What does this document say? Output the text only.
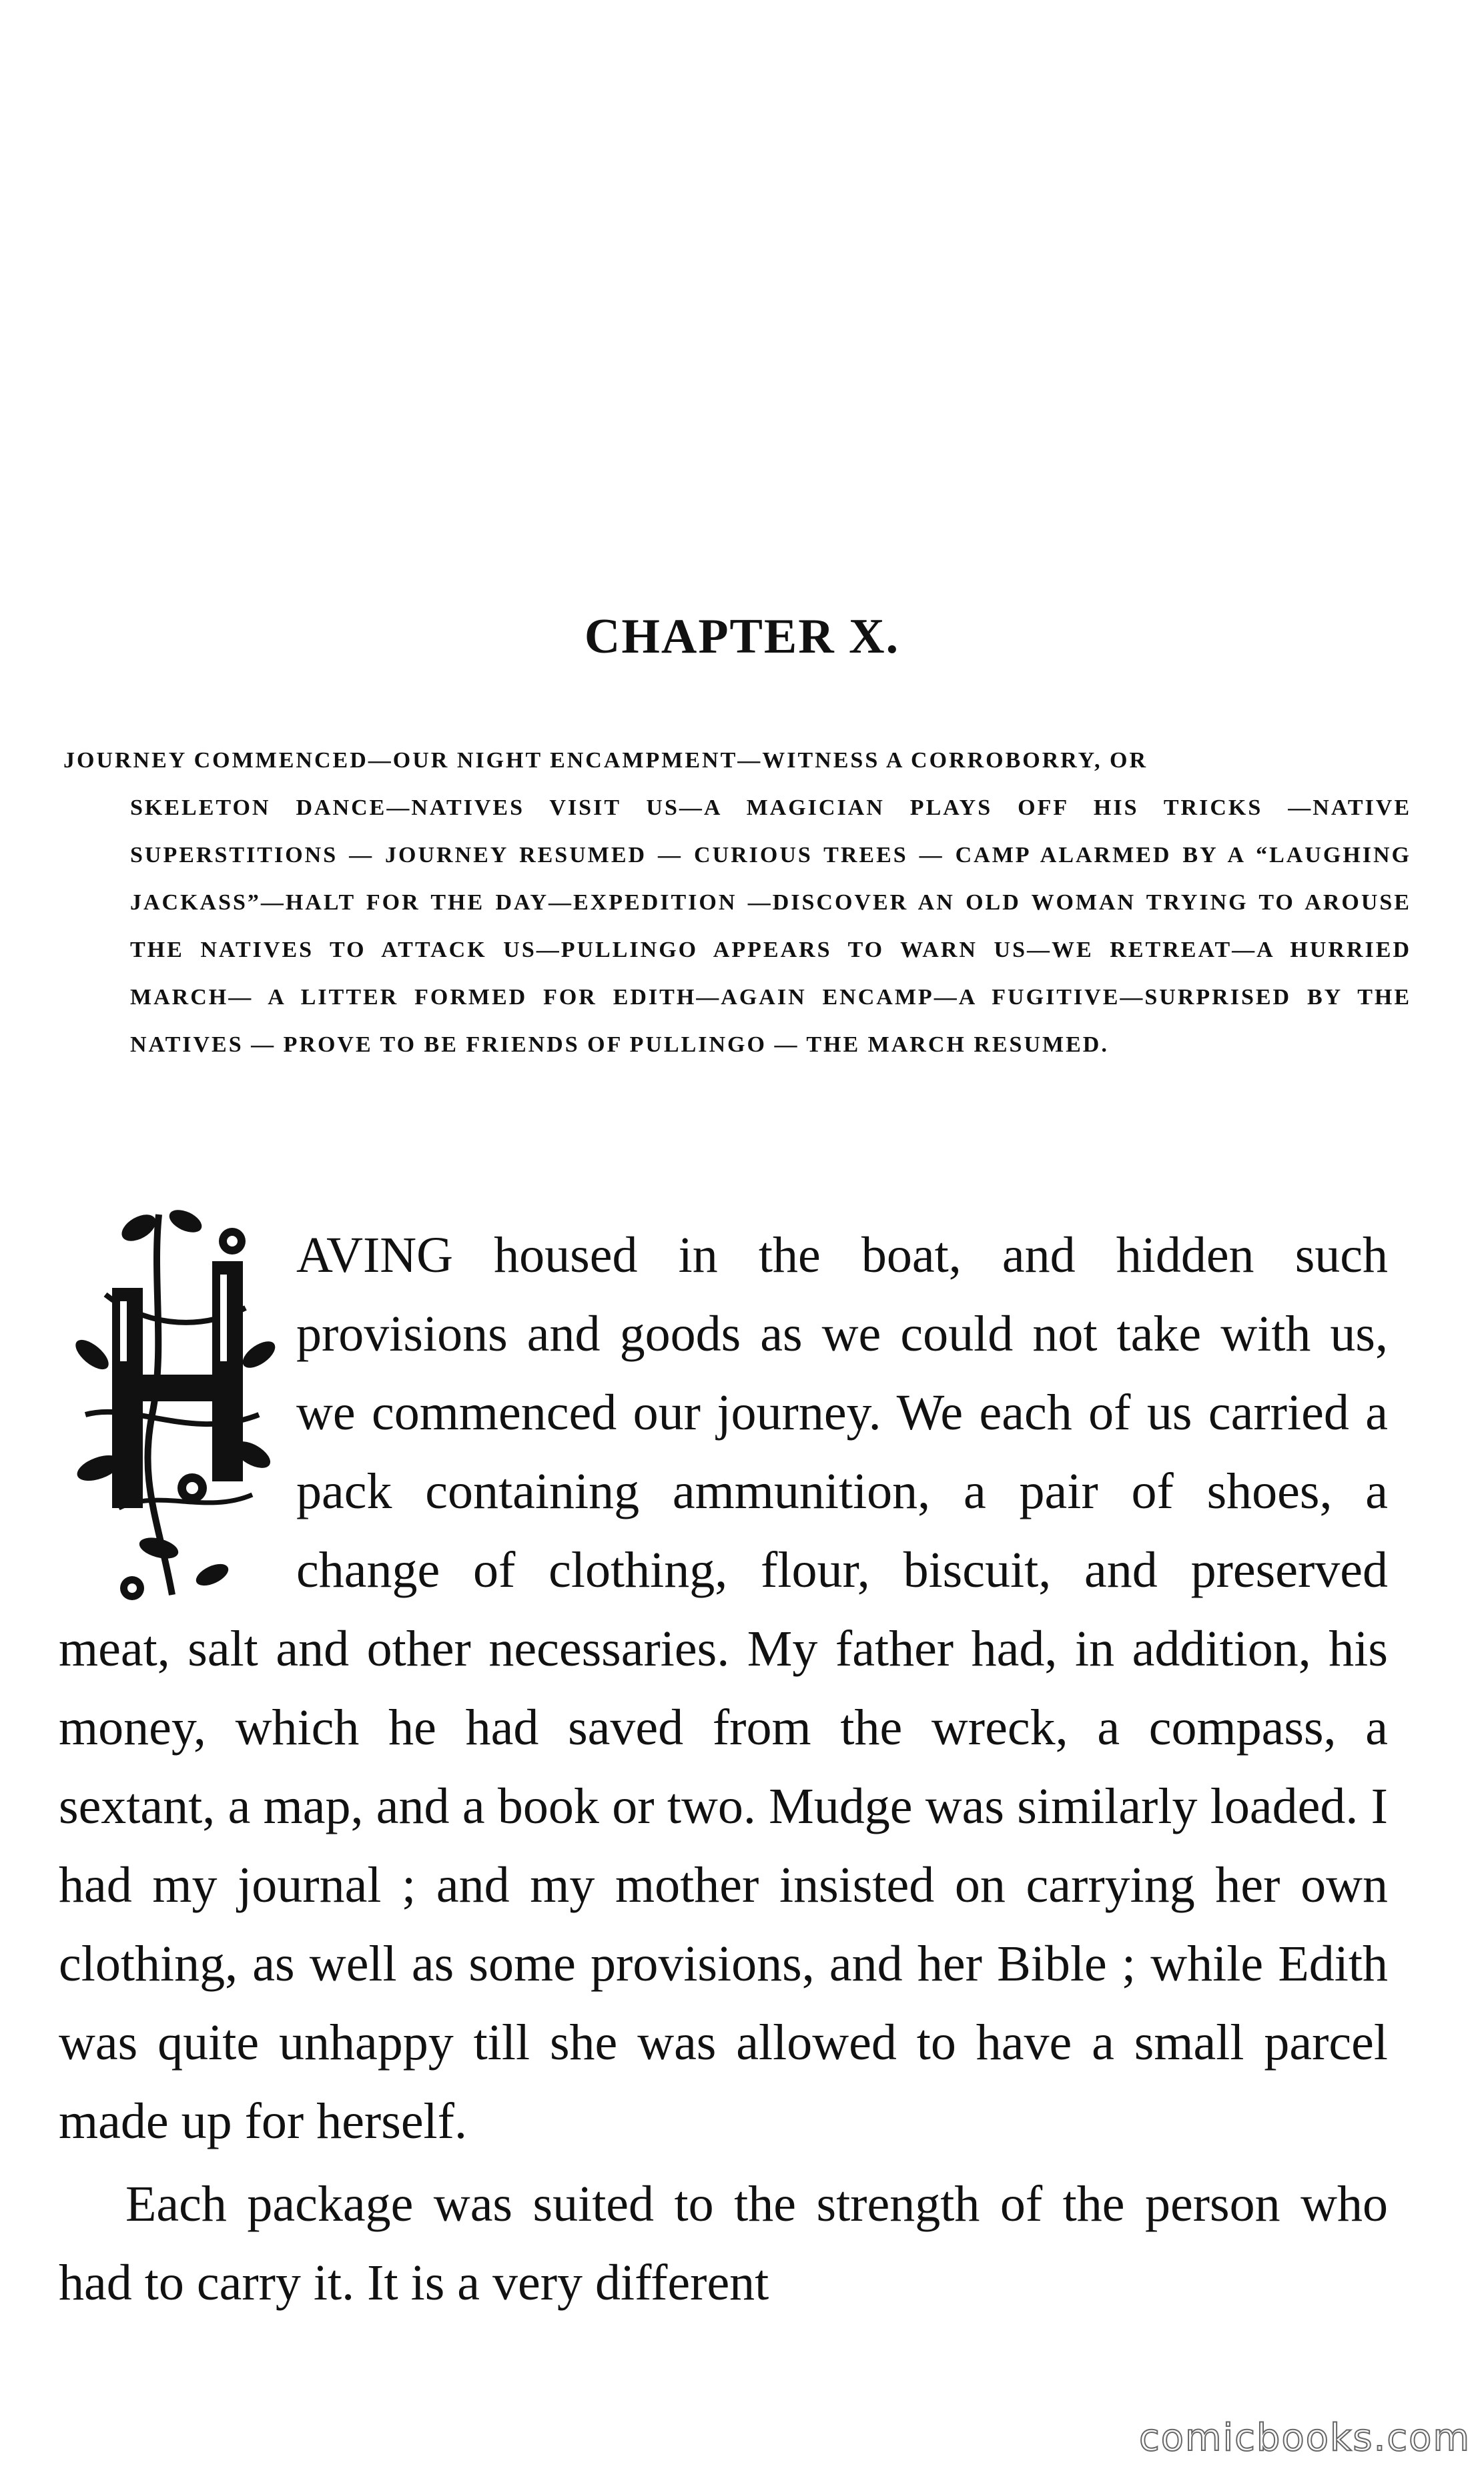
CHAPTER X.
JOURNEY COMMENCED—OUR NIGHT ENCAMPMENT—WITNESS A CORROBORRY, OR
SKELETON DANCE—NATIVES VISIT US—A MAGICIAN PLAYS OFF HIS TRICKS —NATIVE SUPERSTITIONS — JOURNEY RESUMED — CURIOUS TREES — CAMP ALARMED BY A “LAUGHING JACKASS”—HALT FOR THE DAY—EXPEDITION —DISCOVER AN OLD WOMAN TRYING TO AROUSE THE NATIVES TO ATTACK US—PULLINGO APPEARS TO WARN US—WE RETREAT—A HURRIED MARCH— A LITTER FORMED FOR EDITH—AGAIN ENCAMP—A FUGITIVE—SURPRISED BY THE NATIVES — PROVE TO BE FRIENDS OF PULLINGO — THE MARCH RESUMED.

AVING housed in the boat, and hidden such provisions and goods as we could not take with us, we commenced our journey. We each of us carried a pack containing ammunition, a pair of shoes, a change of clothing, flour, biscuit, and preserved meat, salt and other necessaries. My father had, in addition, his money, which he had saved from the wreck, a compass, a sextant, a map, and a book or two. Mudge was similarly loaded. I had my journal ; and my mother insisted on carrying her own clothing, as well as some provisions, and her Bible ; while Edith was quite unhappy till she was allowed to have a small parcel made up for herself.

Each package was suited to the strength of the person who had to carry it. It is a very different

comicbooks.com
